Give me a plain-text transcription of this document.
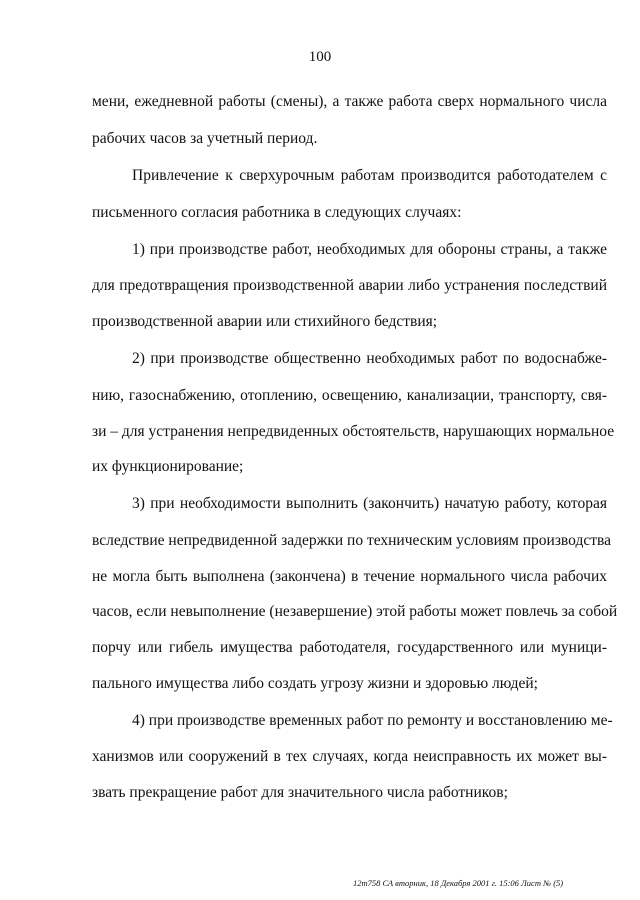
100
мени, ежедневной работы (смены), а также работа сверх нормального числа
рабочих часов за учетный период.
Привлечение к сверхурочным работам производится работодателем с
письменного согласия работника в следующих случаях:
1) при производстве работ, необходимых для обороны страны, а также
для предотвращения производственной аварии либо устранения последствий
производственной аварии или стихийного бедствия;
2) при производстве общественно необходимых работ по водоснабже-
нию, газоснабжению, отоплению, освещению, канализации, транспорту, свя-
зи – для устранения непредвиденных обстоятельств, нарушающих нормальное
их функционирование;
3) при необходимости выполнить (закончить) начатую работу, которая
вследствие непредвиденной задержки по техническим условиям производства
не могла быть выполнена (закончена) в течение нормального числа рабочих
часов, если невыполнение (незавершение) этой работы может повлечь за собой
порчу или гибель имущества работодателя, государственного или муници-
пального имущества либо создать угрозу жизни и здоровью людей;
4) при производстве временных работ по ремонту и восстановлению ме-
ханизмов или сооружений в тех случаях, когда неисправность их может вы-
звать прекращение работ для значительного числа работников;
12m758 СА вторник, 18 Декабря 2001 г. 15:06 Лист № (5)
